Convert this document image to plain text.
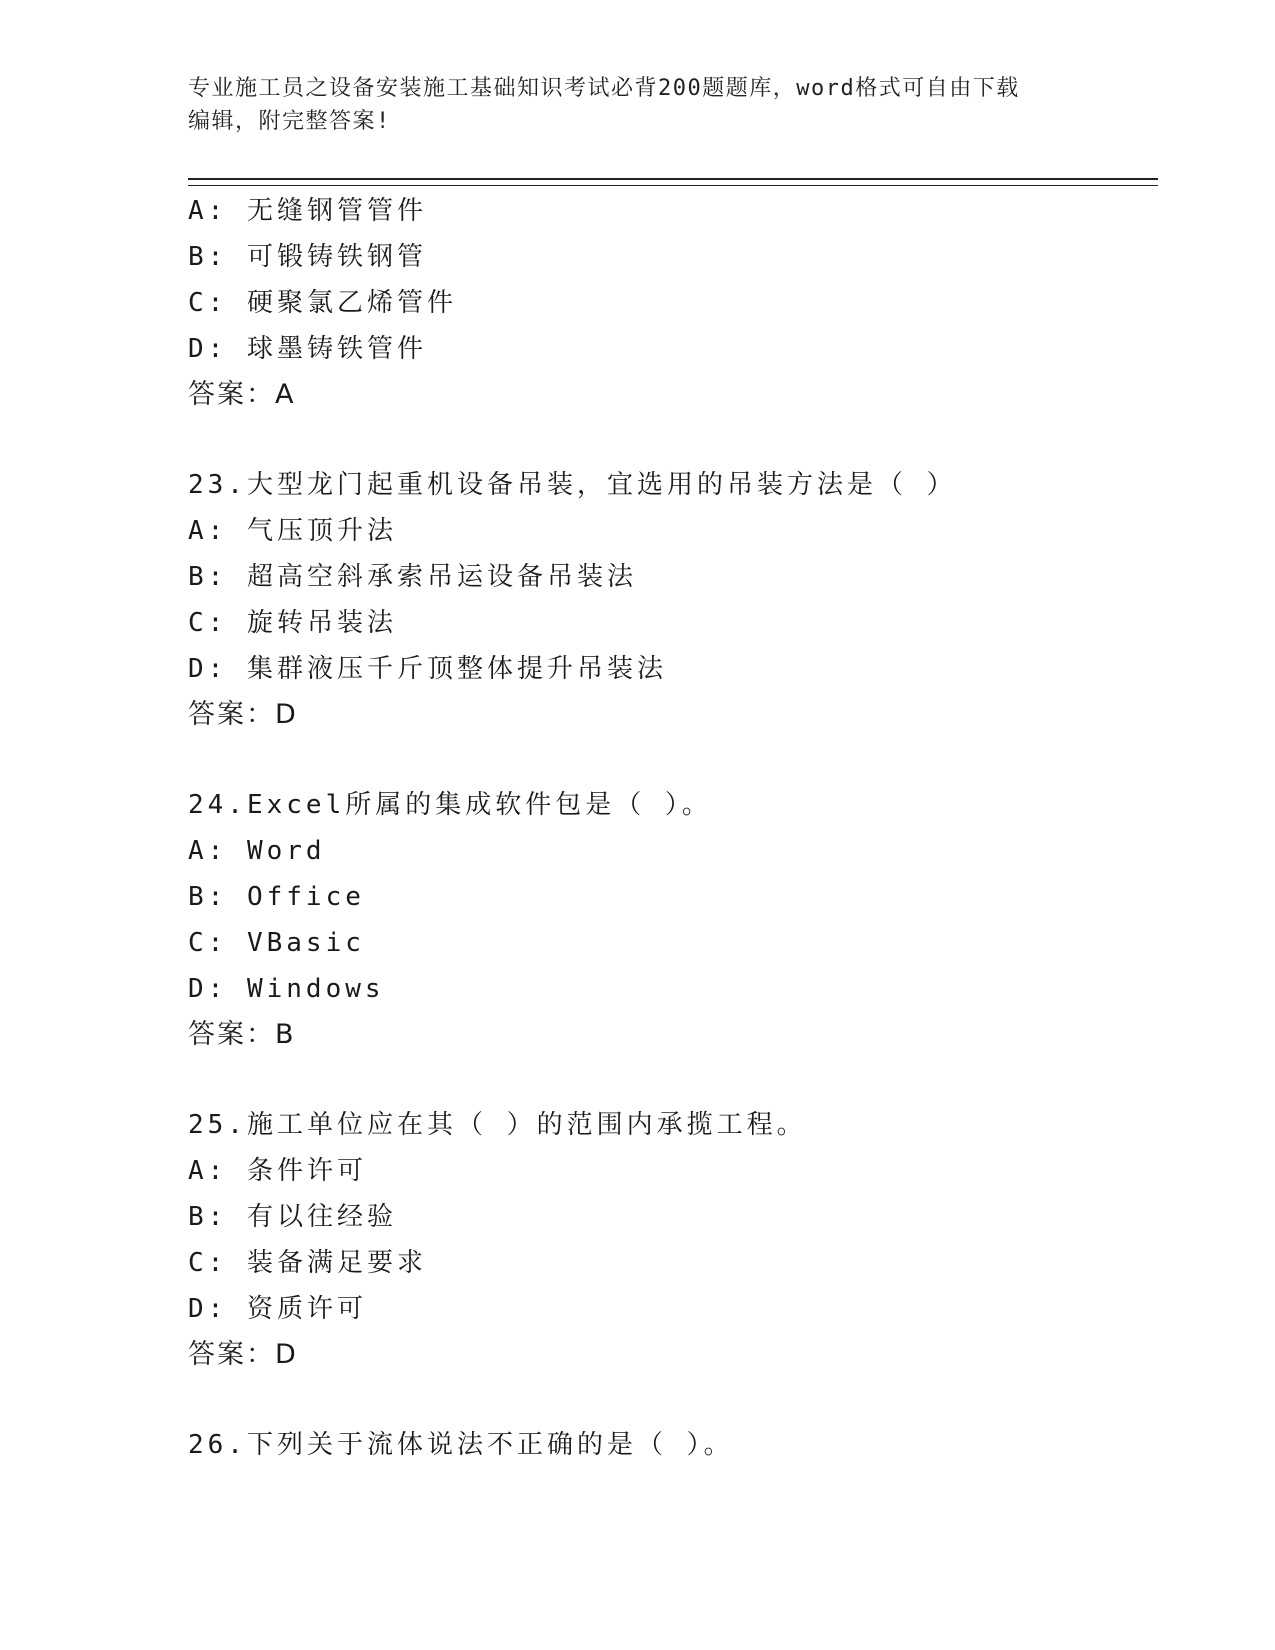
专业施工员之设备安装施工基础知识考试必背200题题库，word格式可自由下载
编辑，附完整答案!
A: 无缝钢管管件
B: 可锻铸铁钢管
C: 硬聚氯乙烯管件
D: 球墨铸铁管件
答案：A
23.大型龙门起重机设备吊装，宜选用的吊装方法是（ ）
A: 气压顶升法
B: 超高空斜承索吊运设备吊装法
C: 旋转吊装法
D: 集群液压千斤顶整体提升吊装法
答案：D
24.Excel所属的集成软件包是（ ）。
A: Word
B: Office
C: VBasic
D: Windows
答案：B
25.施工单位应在其（ ）的范围内承揽工程。
A: 条件许可
B: 有以往经验
C: 装备满足要求
D: 资质许可
答案：D
26.下列关于流体说法不正确的是（ ）。
